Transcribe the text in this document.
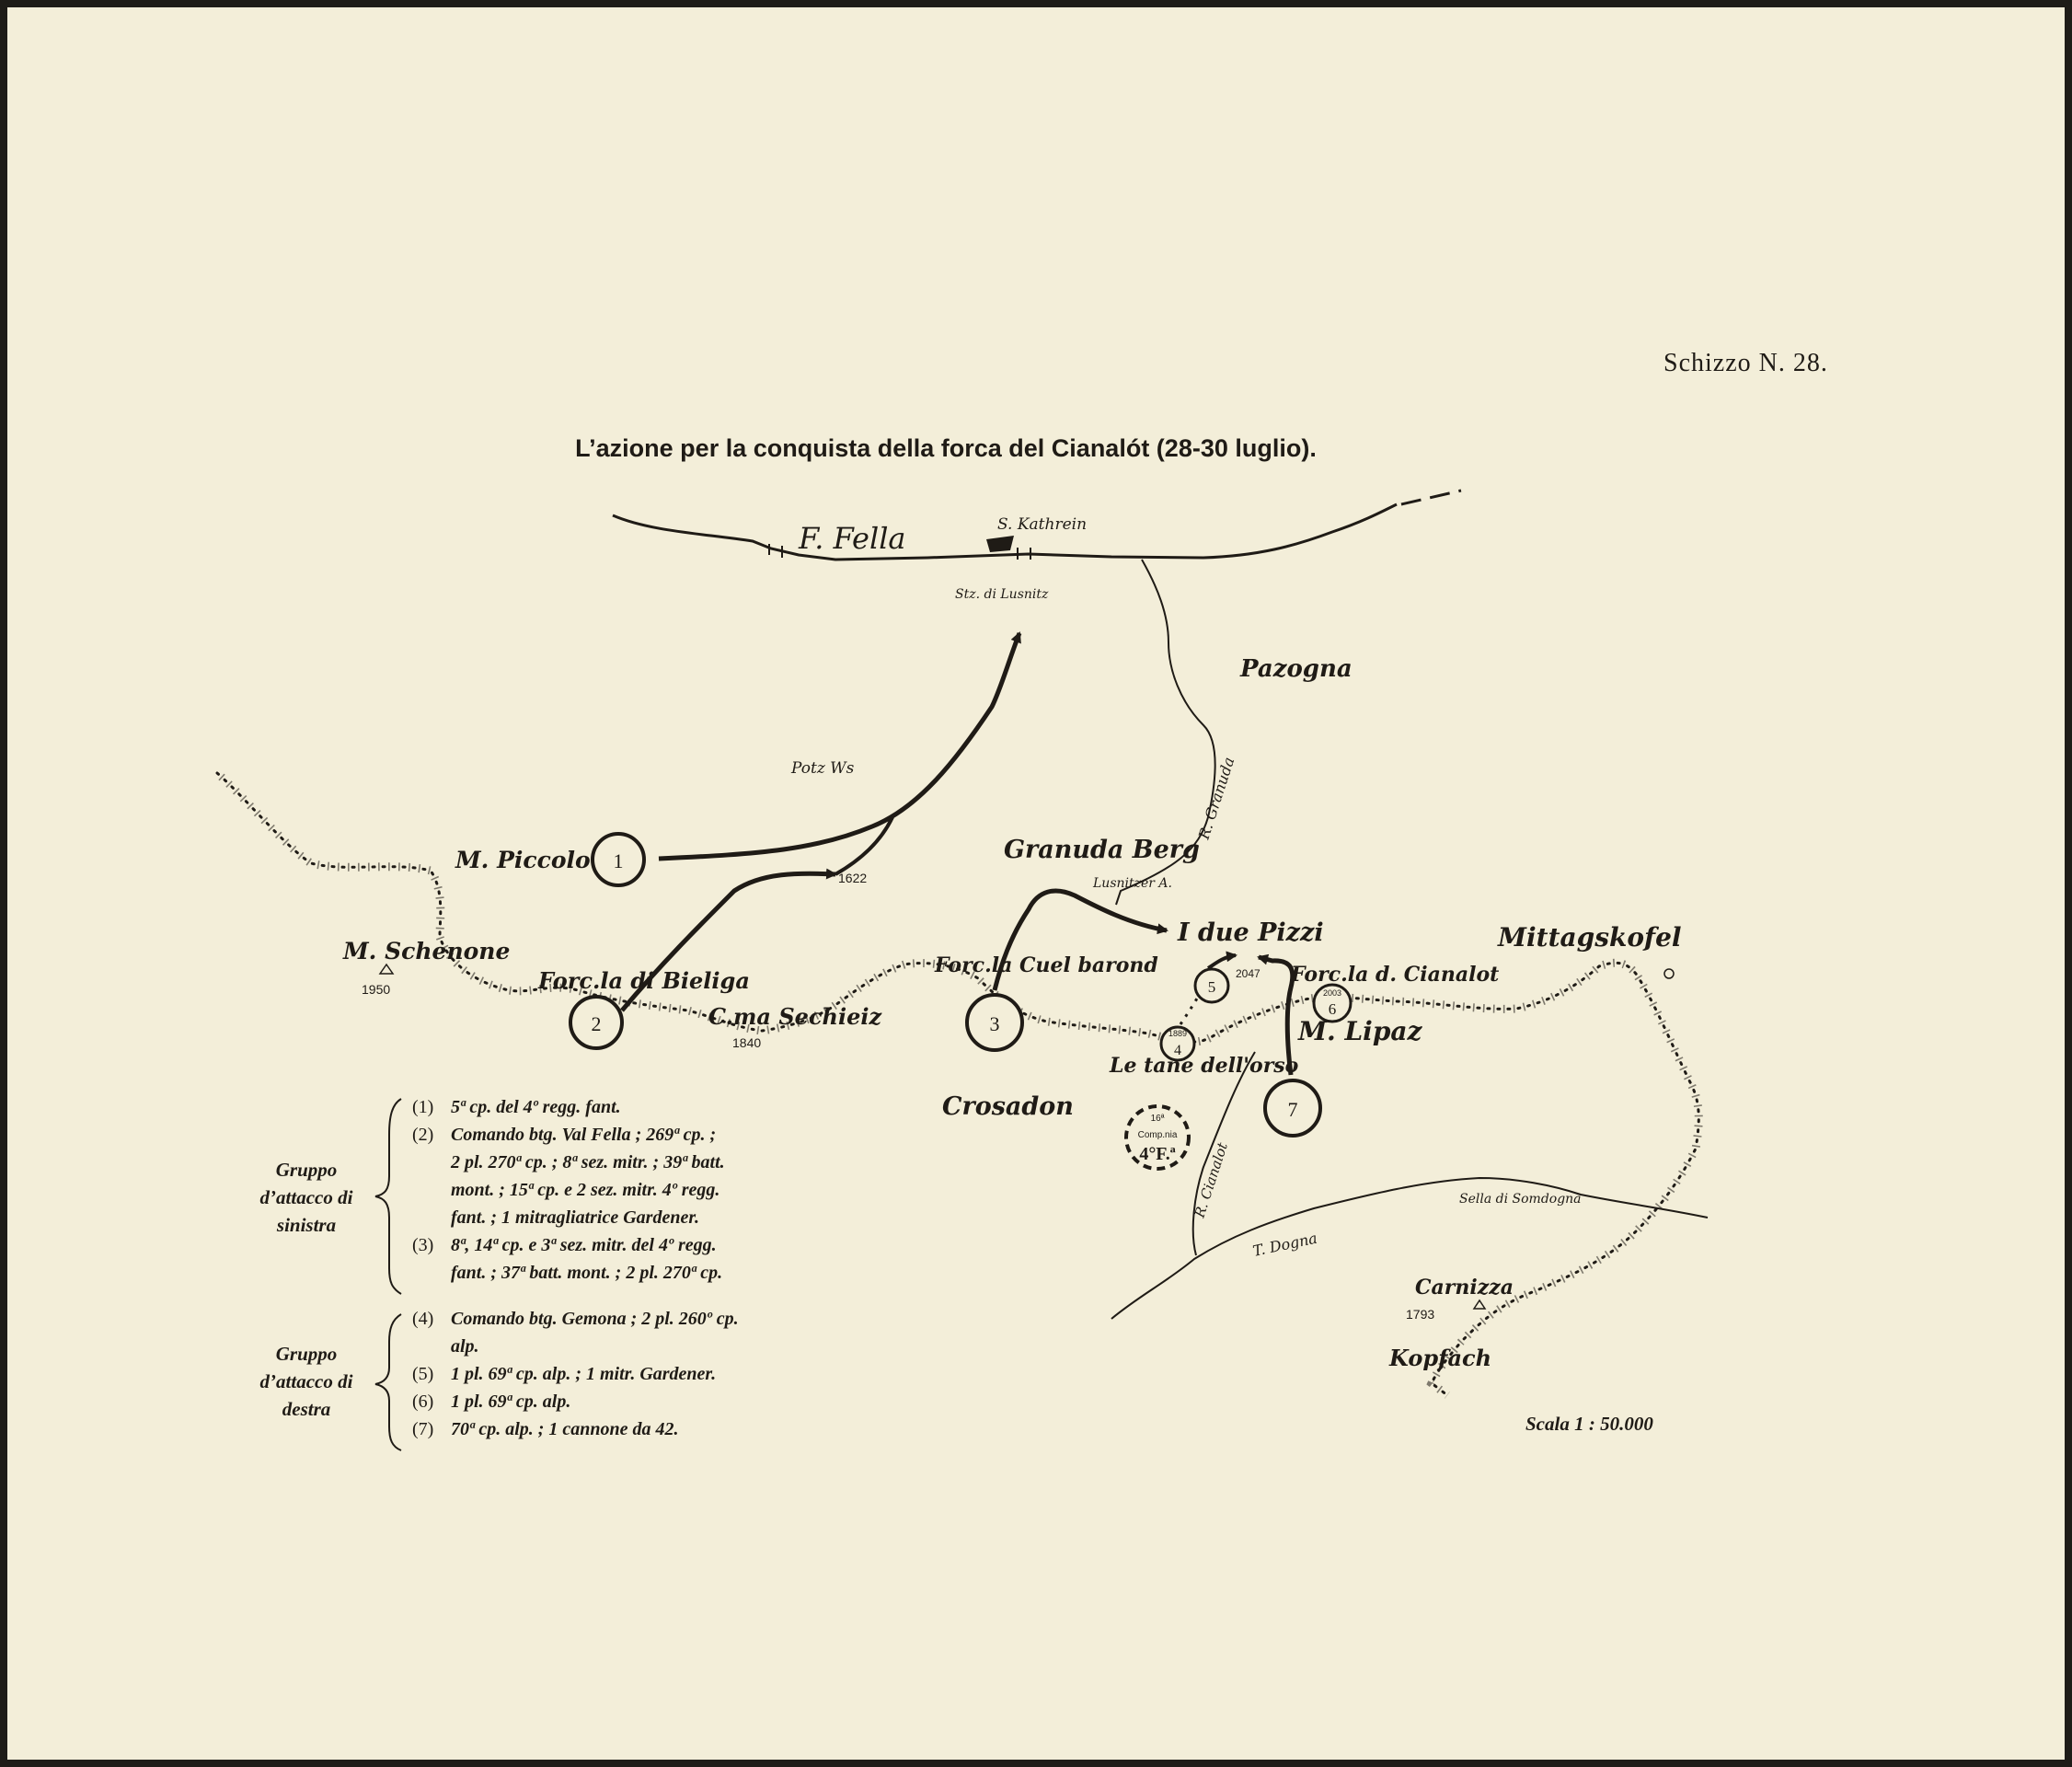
Schizzo N. 28.
L’azione per la conquista della forca del Cianalót (28-30 luglio).
1
2	3	1889
4
5	2003
6
7
16ª
Comp.nia
4°F.ª
F. Fella	S. Kathrein
Stz. di Lusnitz
Pazogna
Potz Ws
M. Piccolo
1622
Granuda Berg
R. Granuda
Lusnitzer A.
I due Pizzi	Mittagskofel
M. Schenone
1950	Forc.la di Bieliga
C.ma Sechieiz
1840
Forc.la Cuel barond	2047 Forc.la d. Cianalot
M. Lipaz
Le tane dell'orso
Crosadon
R. Cianalot
T. Dogna
Sella di Somdogna
Carnizza
1793
Kopfach
Scala 1 : 50.000
Gruppo d’attacco di sinistra
Gruppo d’attacco di destra
(1) 5ª cp. del 4º regg. fant.
(2) Comando btg. Val Fella ; 269ª cp. ;
2 pl. 270ª cp. ; 8ª sez. mitr. ; 39ª batt.
mont. ; 15ª cp. e 2 sez. mitr. 4º regg.
fant. ; 1 mitragliatrice Gardener.
(3) 8ª, 14ª cp. e 3ª sez. mitr. del 4º regg.
fant. ; 37ª batt. mont. ; 2 pl. 270ª cp.
(4) Comando btg. Gemona ; 2 pl. 260º cp.
alp.
(5) 1 pl. 69ª cp. alp. ; 1 mitr. Gardener.
(6) 1 pl. 69ª cp. alp.
(7) 70ª cp. alp. ; 1 cannone da 42.
